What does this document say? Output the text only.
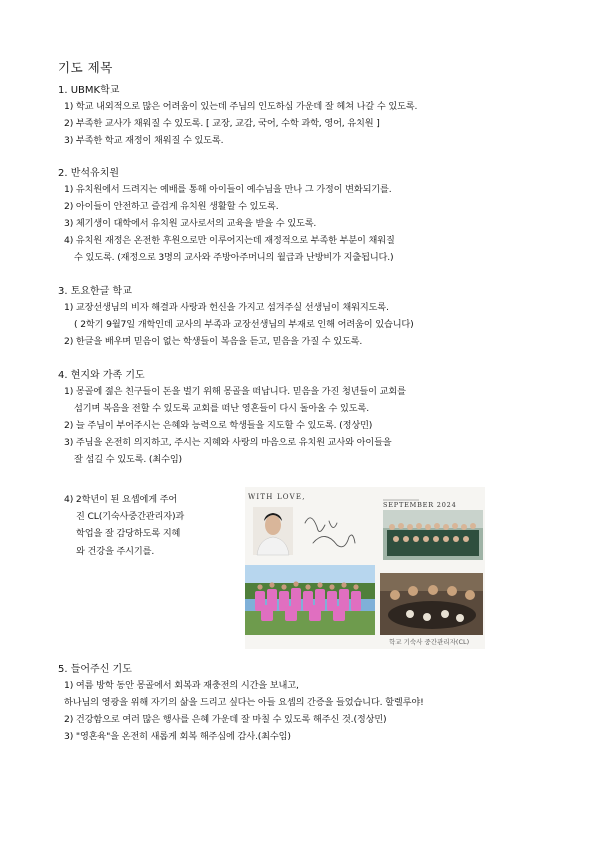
기도 제목
1. UBMK학교
1) 학교 내외적으로 많은 어려움이 있는데 주님의 인도하심 가운데 잘 헤쳐 나갈 수 있도록.
2) 부족한 교사가 채워질 수 있도록. [ 교장, 교감, 국어, 수학 과학, 영어, 유치원 ]
3) 부족한 학교 재정이 채워질 수 있도록.
2. 반석유치원
1) 유치원에서 드려지는 예배를 통해 아이들이 예수님을 만나 그 가정이 변화되기를.
2) 아이들이 안전하고 즐겁게 유치원 생활할 수 있도록.
3) 체기생이 대학에서 유치원 교사로서의 교육을 받을 수 있도록.
4) 유치원 재정은 온전한 후원으로만 이루어지는데 재정적으로 부족한 부분이 채워질
수 있도록. (재정으로 3명의 교사와 주방아주머니의 월급과 난방비가 지출됩니다.)
3. 토요한글 학교
1) 교장선생님의 비자 해결과 사랑과 헌신을 가지고 섬겨주실 선생님이 채워지도록.
( 2학기 9월7일 개학인데 교사의 부족과 교장선생님의 부재로 인해 어려움이 있습니다)
2) 한글을 배우며 믿음이 없는 학생들이 복음을 듣고, 믿음을 가질 수 있도록.
4. 현지와 가족 기도
1) 몽골에 젊은 친구들이 돈을 벌기 위해 몽골을 떠납니다. 믿음을 가진 청년들이 교회를
섬기며 복음을 전할 수 있도록 교회를 떠난 영혼들이 다시 돌아올 수 있도록.
2) 늘 주님이 부어주시는 은혜와 능력으로 학생들을 지도할 수 있도록. (정상민)
3) 주님을 온전히 의지하고, 주시는 지혜와 사랑의 마음으로 유치원 교사와 아이들을
잘 섬길 수 있도록. (최수임)
4) 2학년이 된 요셉에게 주어
진 CL(기숙사중간관리자)과
학업을 잘 감당하도록 지혜
와 건강을 주시기를.
WITH LOVE,
SEPTEMBER 2024
학교 기숙사 중간관리자(CL)
5. 들어주신 기도
1) 여름 방학 동안 몽골에서 회복과 재충전의 시간을 보내고,
하나님의 영광을 위해 자기의 삶을 드리고 싶다는 아들 요셉의 간증을 들었습니다. 할렐루야!
2) 건강함으로 여러 많은 행사를 은혜 가운데 잘 마칠 수 있도록 해주신 것.(정상민)
3) "영혼육"을 온전히 새롭게 회복 해주심에 감사.(최수임)
